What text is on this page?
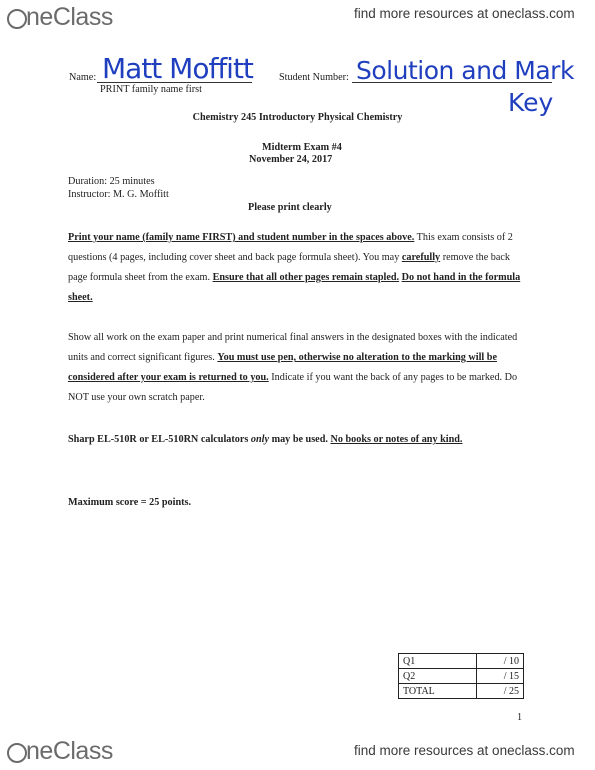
neClass	find more resources at oneclass.com
Name: Matt Moffitt
PRINT family name first
Student Number: Solution and Mark
Key
Chemistry 245 Introductory Physical Chemistry
Midterm Exam #4
November 24, 2017
Duration: 25 minutes
Instructor: M. G. Moffitt
Please print clearly
Print your name (family name FIRST) and student number in the spaces above. This exam consists of 2 questions (4 pages, including cover sheet and back page formula sheet). You may carefully remove the back page formula sheet from the exam. Ensure that all other pages remain stapled. Do not hand in the formula sheet.
Show all work on the exam paper and print numerical final answers in the designated boxes with the indicated units and correct significant figures. You must use pen, otherwise no alteration to the marking will be considered after your exam is returned to you. Indicate if you want the back of any pages to be marked. Do NOT use your own scratch paper.
Sharp EL-510R or EL-510RN calculators only may be used. No books or notes of any kind.
Maximum score = 25 points.
Q1	/ 10
Q2	/ 15
TOTAL	/ 25
1
neClass	find more resources at oneclass.com
